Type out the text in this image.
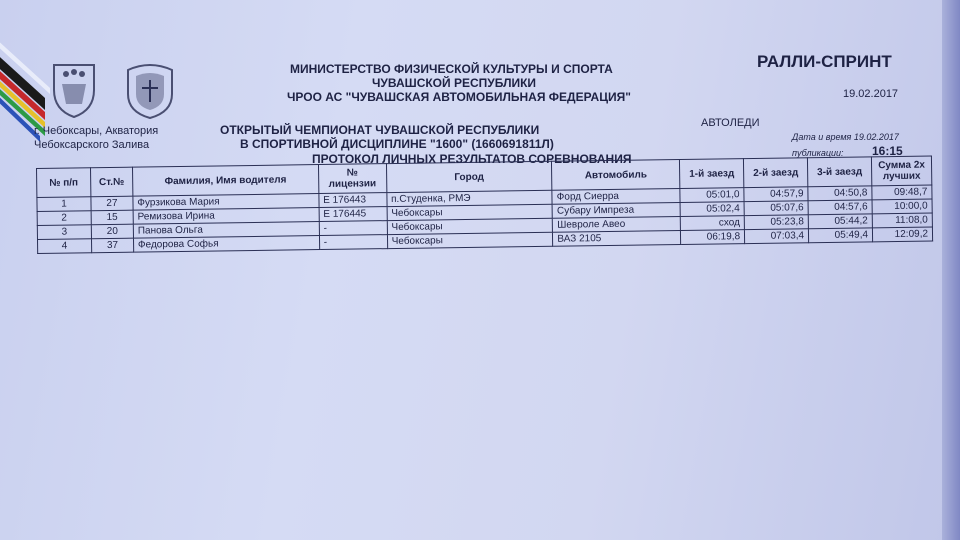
МИНИСТЕРСТВО ФИЗИЧЕСКОЙ КУЛЬТУРЫ И СПОРТА
ЧУВАШСКОЙ РЕСПУБЛИКИ
ЧРОО АС "ЧУВАШСКАЯ АВТОМОБИЛЬНАЯ ФЕДЕРАЦИЯ"
РАЛЛИ-СПРИНТ
19.02.2017
г. Чебоксары, Акватория
Чебоксарского Залива
ОТКРЫТЫЙ ЧЕМПИОНАТ ЧУВАШСКОЙ РЕСПУБЛИКИ
В СПОРТИВНОЙ ДИСЦИПЛИНЕ "1600" (1660691811Л)
АВТОЛЕДИ
Дата и время 19.02.2017
публикации: 16:15
ПРОТОКОЛ ЛИЧНЫХ РЕЗУЛЬТАТОВ СОРЕВНОВАНИЯ
№ п/п	Ст.№	Фамилия, Имя водителя	№ лицензии	Город	Автомобиль	1-й заезд	2-й заезд	3-й заезд	Сумма 2х лучших
1	27	Фурзикова Мария	Е 176443	п.Студенка, РМЭ	Форд Сиерра	05:01,0	04:57,9	04:50,8	09:48,7
2	15	Ремизова Ирина	Е 176445	Чебоксары	Субару Импреза	05:02,4	05:07,6	04:57,6	10:00,0
3	20	Панова Ольга	-	Чебоксары	Шевроле Авео	сход	05:23,8	05:44,2	11:08,0
4	37	Федорова Софья	-	Чебоксары	ВАЗ 2105	06:19,8	07:03,4	05:49,4	12:09,2
